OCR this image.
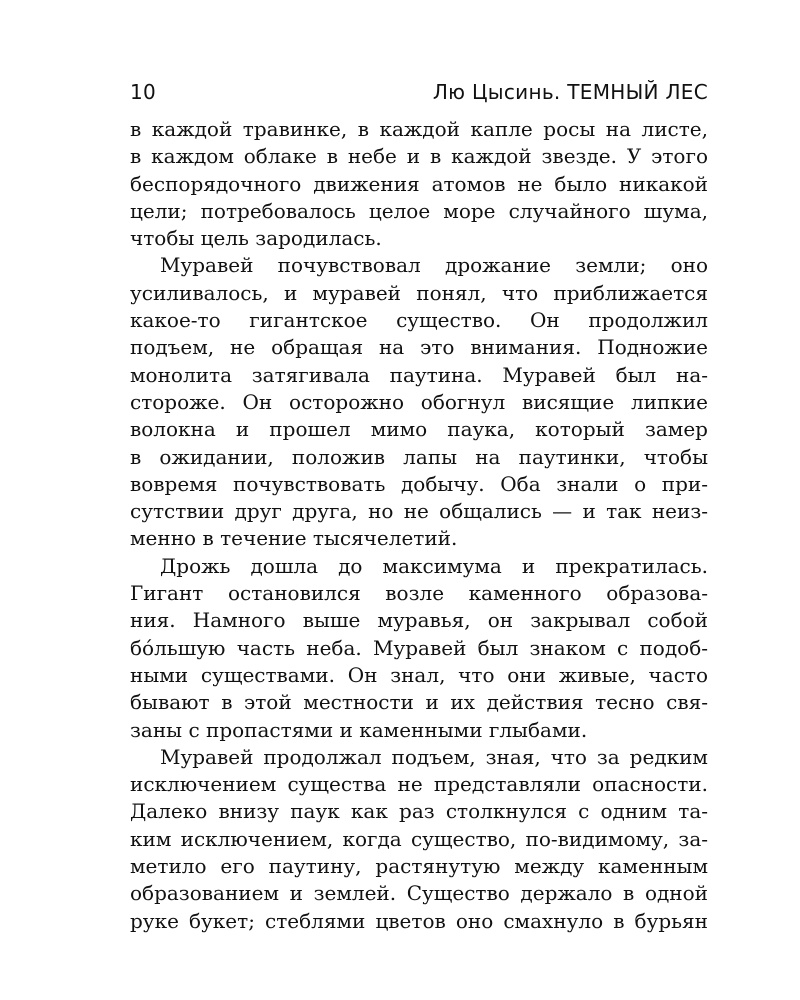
10	Лю Цысинь. ТЕМНЫЙ ЛЕС
в каждой травинке, в каждой капле росы на листе,
в каждом облаке в небе и в каждой звезде. У этого
беспорядочного движения атомов не было никакой
цели; потребовалось целое море случайного шума,
чтобы цель зародилась.
Муравей почувствовал дрожание земли; оно
усиливалось, и муравей понял, что приближается
какое-то гигантское существо. Он продолжил
подъем, не обращая на это внимания. Подножие
монолита затягивала паутина. Муравей был на-
стороже. Он осторожно обогнул висящие липкие
волокна и прошел мимо паука, который замер
в ожидании, положив лапы на паутинки, чтобы
вовремя почувствовать добычу. Оба знали о при-
сутствии друг друга, но не общались — и так неиз-
менно в течение тысячелетий.
Дрожь дошла до максимума и прекратилась.
Гигант остановился возле каменного образова-
ния. Намного выше муравья, он закрывал собой
бóльшую часть неба. Муравей был знаком с подоб-
ными существами. Он знал, что они живые, часто
бывают в этой местности и их действия тесно свя-
заны с пропастями и каменными глыбами.
Муравей продолжал подъем, зная, что за редким
исключением существа не представляли опасности.
Далеко внизу паук как раз столкнулся с одним та-
ким исключением, когда существо, по-видимому, за-
метило его паутину, растянутую между каменным
образованием и землей. Существо держало в одной
руке букет; стеблями цветов оно смахнуло в бурьян
